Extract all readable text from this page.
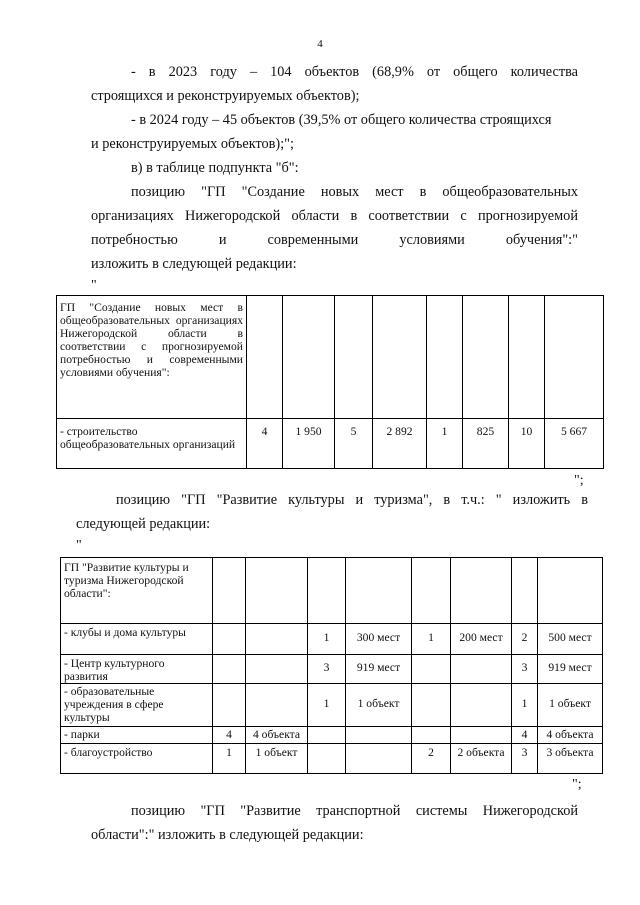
4
- в 2023 году – 104 объектов (68,9% от общего количества
строящихся и реконструируемых объектов);
- в 2024 году – 45 объектов (39,5% от общего количества строящихся
и реконструируемых объектов);";
в) в таблице подпункта "б":
позицию "ГП "Создание новых мест в общеобразовательных
организациях Нижегородской области в соответствии с прогнозируемой
потребностью и современными условиями обучения":"
изложить в следующей редакции:
"
ГП "Создание новых мест в общеобразовательных организациях Нижегородской области в соответствии с прогнозируемой потребностью и современными условиями обучения":								
- строительство общеобразовательных организаций	4	1 950	5	2 892	1	825	10	5 667
";
позицию "ГП "Развитие культуры и туризма", в т.ч.: " изложить в
следующей редакции:
"
ГП "Развитие культуры и туризма Нижегородской области":								
- клубы и дома культуры			1	300 мест	1	200 мест	2	500 мест
- Центр культурного развития			3	919 мест			3	919 мест
- образовательные учреждения в сфере культуры			1	1 объект			1	1 объект
- парки	4	4 объекта					4	4 объекта
- благоустройство	1	1 объект			2	2 объекта	3	3 объекта
";
позицию "ГП "Развитие транспортной системы Нижегородской
области":" изложить в следующей редакции:
